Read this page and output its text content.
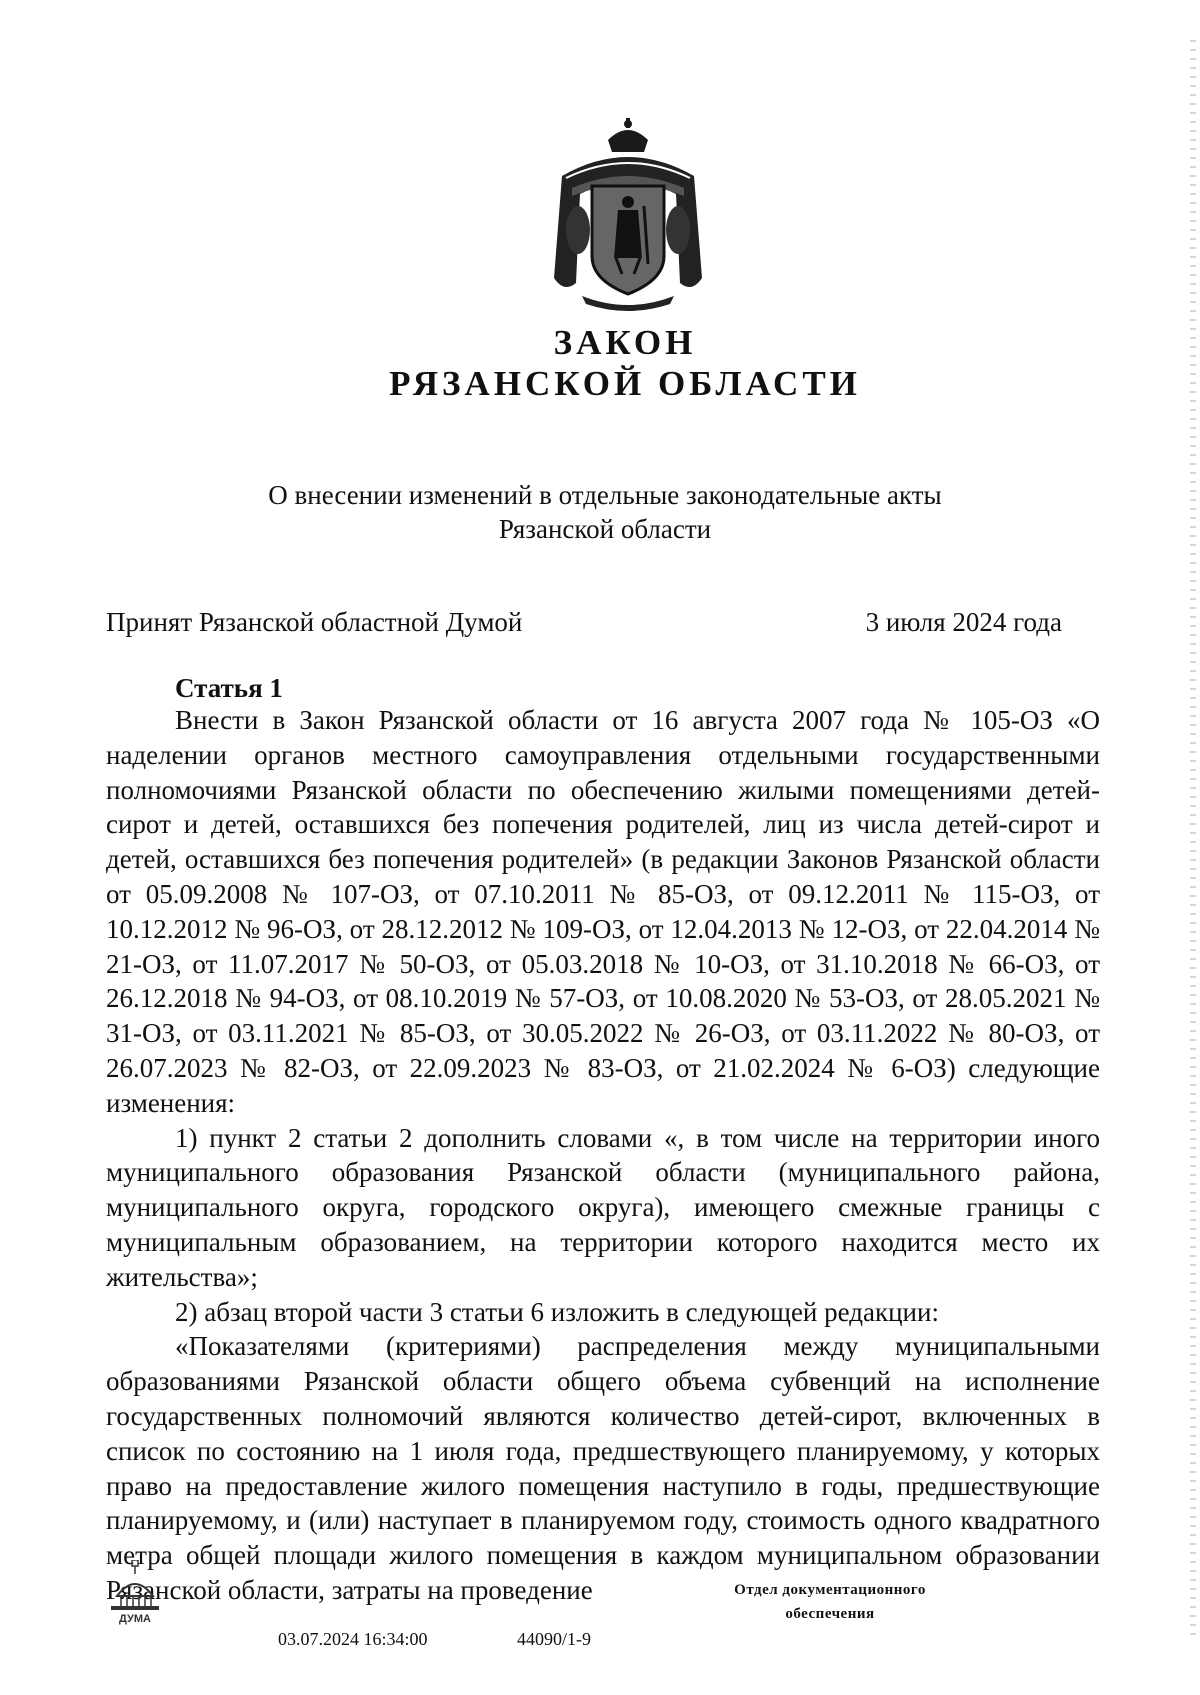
ЗАКОН
РЯЗАНСКОЙ ОБЛАСТИ
О внесении изменений в отдельные законодательные акты
Рязанской области
Принят Рязанской областной Думой	3 июля 2024 года
Статья 1

Внести в Закон Рязанской области от 16 августа 2007 года № 105-ОЗ «О наделении органов местного самоуправления отдельными государственными полномочиями Рязанской области по обеспечению жилыми помещениями детей-сирот и детей, оставшихся без попечения родителей, лиц из числа детей-сирот и детей, оставшихся без попечения родителей» (в редакции Законов Рязанской области от 05.09.2008 № 107-ОЗ, от 07.10.2011 № 85-ОЗ, от 09.12.2011 № 115-ОЗ, от 10.12.2012 № 96-ОЗ, от 28.12.2012 № 109-ОЗ, от 12.04.2013 № 12-ОЗ, от 22.04.2014 № 21-ОЗ, от 11.07.2017 № 50-ОЗ, от 05.03.2018 № 10-ОЗ, от 31.10.2018 № 66-ОЗ, от 26.12.2018 № 94-ОЗ, от 08.10.2019 № 57-ОЗ, от 10.08.2020 № 53-ОЗ, от 28.05.2021 № 31-ОЗ, от 03.11.2021 № 85-ОЗ, от 30.05.2022 № 26-ОЗ, от 03.11.2022 № 80-ОЗ, от 26.07.2023 № 82-ОЗ, от 22.09.2023 № 83-ОЗ, от 21.02.2024 № 6-ОЗ) следующие изменения:

1) пункт 2 статьи 2 дополнить словами «, в том числе на территории иного муниципального образования Рязанской области (муниципального района, муниципального округа, городского округа), имеющего смежные границы с муниципальным образованием, на территории которого находится место их жительства»;

2) абзац второй части 3 статьи 6 изложить в следующей редакции:

«Показателями (критериями) распределения между муниципальными образованиями Рязанской области общего объема субвенций на исполнение государственных полномочий являются количество детей-сирот, включенных в список по состоянию на 1 июля года, предшествующего планируемому, у которых право на предоставление жилого помещения наступило в годы, предшествующие планируемому, и (или) наступает в планируемом году, стоимость одного квадратного метра общей площади жилого помещения в каждом муниципальном образовании Рязанской области, затраты на проведение

ДУМА
03.07.2024 16:34:00	44090/1-9
Отдел документационного
обеспечения
